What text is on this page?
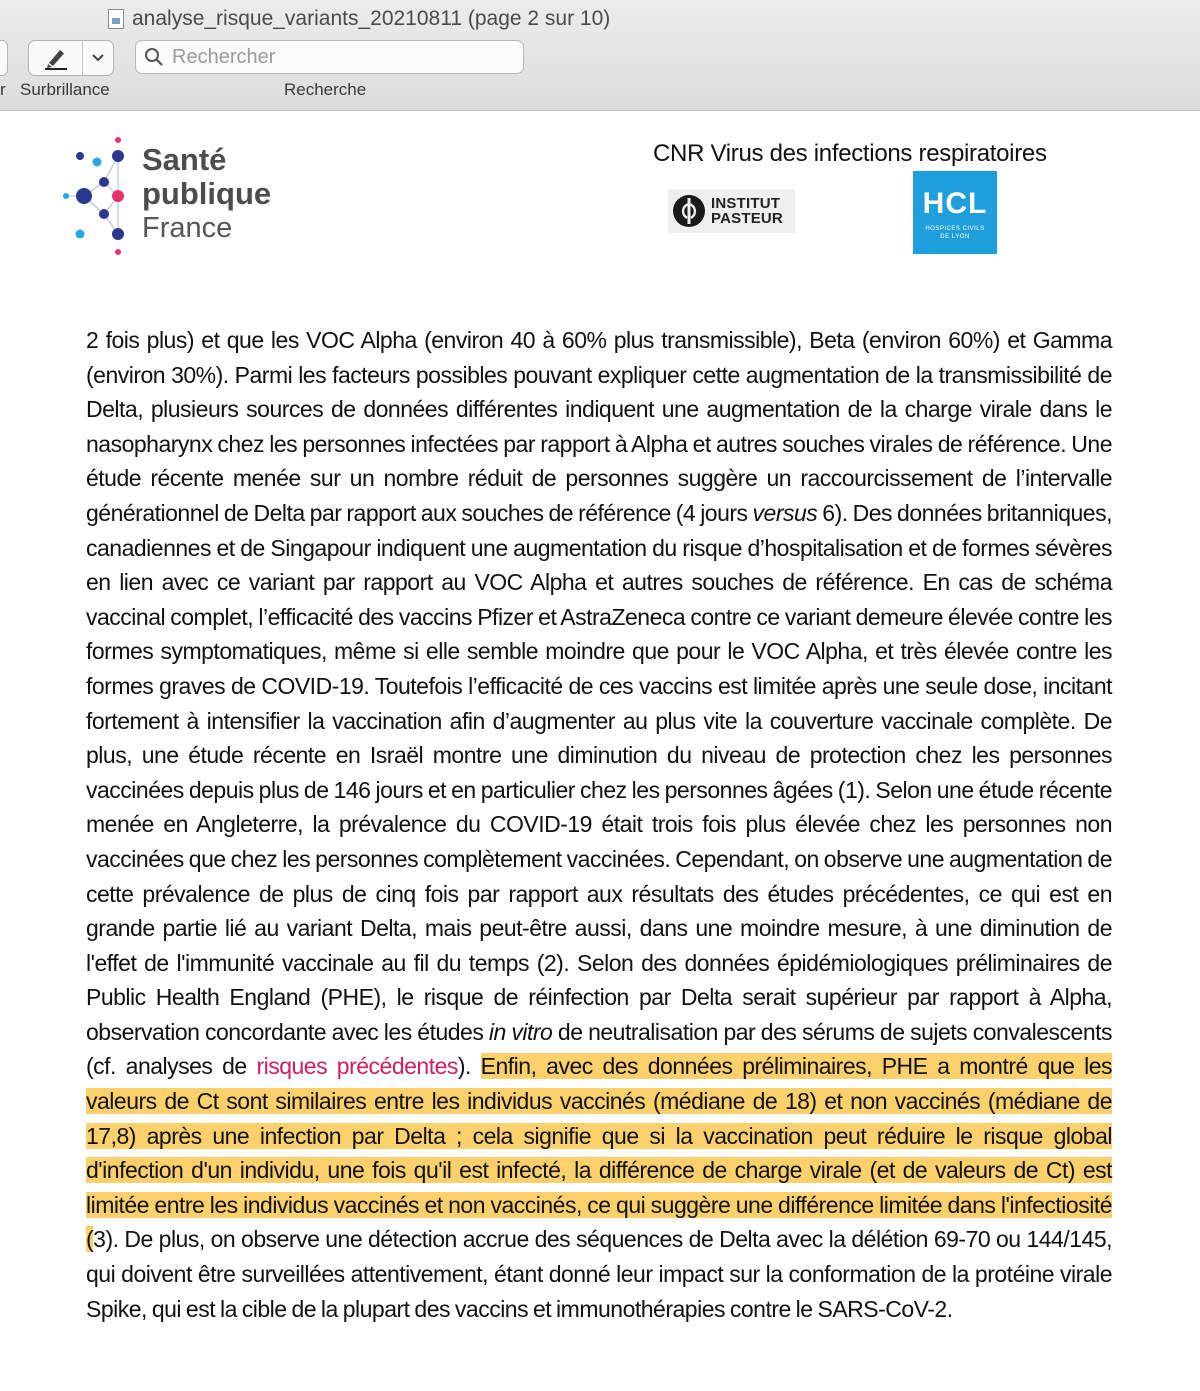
analyse_risque_variants_20210811 (page 2 sur 10)
r Surbrillance
Rechercher	Recherche
Santé
publique
France
CNR Virus des infections respiratoires
INSTITUT
PASTEUR	HCL
HOSPICES CIVILS
DE LYON

2 fois plus) et que les VOC Alpha (environ 40 à 60% plus transmissible), Beta (environ 60%) et Gamma (environ 30%). Parmi les facteurs possibles pouvant expliquer cette augmentation de la transmissibilité de Delta, plusieurs sources de données différentes indiquent une augmentation de la charge virale dans le nasopharynx chez les personnes infectées par rapport à Alpha et autres souches virales de référence. Une étude récente menée sur un nombre réduit de personnes suggère un raccourcissement de l’intervalle générationnel de Delta par rapport aux souches de référence (4 jours versus 6). Des données britanniques, canadiennes et de Singapour indiquent une augmentation du risque d’hospitalisation et de formes sévères en lien avec ce variant par rapport au VOC Alpha et autres souches de référence. En cas de schéma vaccinal complet, l’efficacité des vaccins Pfizer et AstraZeneca contre ce variant demeure élevée contre les formes symptomatiques, même si elle semble moindre que pour le VOC Alpha, et très élevée contre les formes graves de COVID-19. Toutefois l’efficacité de ces vaccins est limitée après une seule dose, incitant fortement à intensifier la vaccination afin d’augmenter au plus vite la couverture vaccinale complète. De plus, une étude récente en Israël montre une diminution du niveau de protection chez les personnes vaccinées depuis plus de 146 jours et en particulier chez les personnes âgées (1). Selon une étude récente menée en Angleterre, la prévalence du COVID-19 était trois fois plus élevée chez les personnes non vaccinées que chez les personnes complètement vaccinées. Cependant, on observe une augmentation de cette prévalence de plus de cinq fois par rapport aux résultats des études précédentes, ce qui est en grande partie lié au variant Delta, mais peut-être aussi, dans une moindre mesure, à une diminution de l'effet de l'immunité vaccinale au fil du temps (2). Selon des données épidémiologiques préliminaires de Public Health England (PHE), le risque de réinfection par Delta serait supérieur par rapport à Alpha, observation concordante avec les études in vitro de neutralisation par des sérums de sujets convalescents (cf. analyses de risques précédentes). Enfin, avec des données préliminaires, PHE a montré que les valeurs de Ct sont similaires entre les individus vaccinés (médiane de 18) et non vaccinés (médiane de 17,8) après une infection par Delta ; cela signifie que si la vaccination peut réduire le risque global d'infection d'un individu, une fois qu'il est infecté, la différence de charge virale (et de valeurs de Ct) est limitée entre les individus vaccinés et non vaccinés, ce qui suggère une différence limitée dans l'infectiosité (3). De plus, on observe une détection accrue des séquences de Delta avec la délétion 69-70 ou 144/145, qui doivent être surveillées attentivement, étant donné leur impact sur la conformation de la protéine virale Spike, qui est la cible de la plupart des vaccins et immunothérapies contre le SARS-CoV-2.
